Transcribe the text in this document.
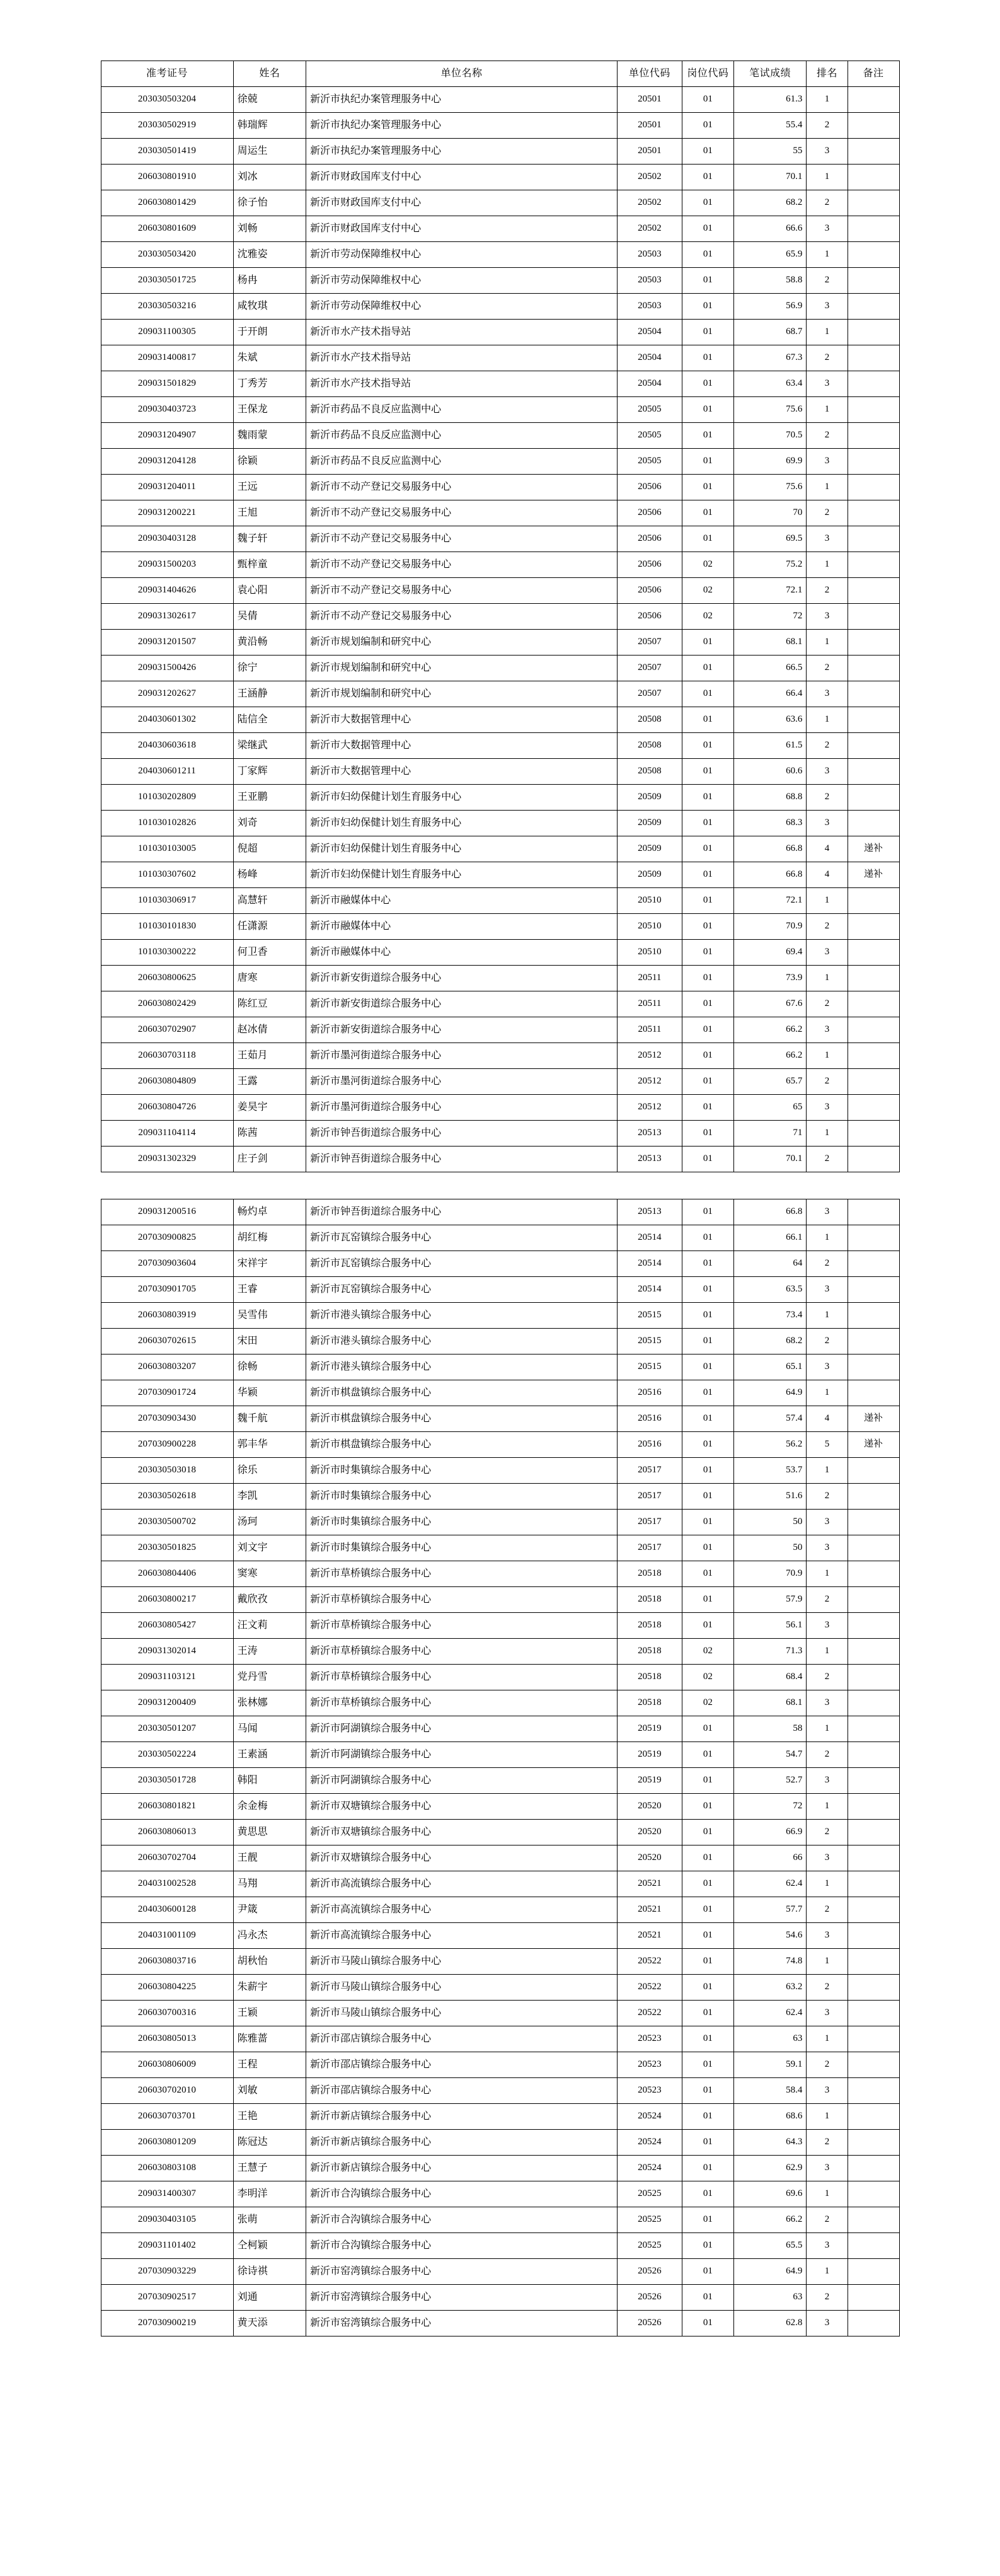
准考证号	姓名	单位名称	单位代码	岗位代码	笔试成绩	排名	备注
203030503204	徐兢	新沂市执纪办案管理服务中心	20501	01	61.3	1	
203030502919	韩瑞辉	新沂市执纪办案管理服务中心	20501	01	55.4	2	
203030501419	周运生	新沂市执纪办案管理服务中心	20501	01	55	3	
206030801910	刘冰	新沂市财政国库支付中心	20502	01	70.1	1	
206030801429	徐子怡	新沂市财政国库支付中心	20502	01	68.2	2	
206030801609	刘畅	新沂市财政国库支付中心	20502	01	66.6	3	
203030503420	沈雅姿	新沂市劳动保障维权中心	20503	01	65.9	1	
203030501725	杨冉	新沂市劳动保障维权中心	20503	01	58.8	2	
203030503216	咸牧琪	新沂市劳动保障维权中心	20503	01	56.9	3	
209031100305	于开朗	新沂市水产技术指导站	20504	01	68.7	1	
209031400817	朱斌	新沂市水产技术指导站	20504	01	67.3	2	
209031501829	丁秀芳	新沂市水产技术指导站	20504	01	63.4	3	
209030403723	王保龙	新沂市药品不良反应监测中心	20505	01	75.6	1	
209031204907	魏雨蒙	新沂市药品不良反应监测中心	20505	01	70.5	2	
209031204128	徐颖	新沂市药品不良反应监测中心	20505	01	69.9	3	
209031204011	王远	新沂市不动产登记交易服务中心	20506	01	75.6	1	
209031200221	王旭	新沂市不动产登记交易服务中心	20506	01	70	2	
209030403128	魏子轩	新沂市不动产登记交易服务中心	20506	01	69.5	3	
209031500203	甄梓童	新沂市不动产登记交易服务中心	20506	02	75.2	1	
209031404626	袁心阳	新沂市不动产登记交易服务中心	20506	02	72.1	2	
209031302617	吴倩	新沂市不动产登记交易服务中心	20506	02	72	3	
209031201507	黄沿畅	新沂市规划编制和研究中心	20507	01	68.1	1	
209031500426	徐宁	新沂市规划编制和研究中心	20507	01	66.5	2	
209031202627	王涵静	新沂市规划编制和研究中心	20507	01	66.4	3	
204030601302	陆信全	新沂市大数据管理中心	20508	01	63.6	1	
204030603618	梁继武	新沂市大数据管理中心	20508	01	61.5	2	
204030601211	丁家辉	新沂市大数据管理中心	20508	01	60.6	3	
101030202809	王亚鹏	新沂市妇幼保健计划生育服务中心	20509	01	68.8	2	
101030102826	刘奇	新沂市妇幼保健计划生育服务中心	20509	01	68.3	3	
101030103005	倪超	新沂市妇幼保健计划生育服务中心	20509	01	66.8	4	递补
101030307602	杨峰	新沂市妇幼保健计划生育服务中心	20509	01	66.8	4	递补
101030306917	高慧轩	新沂市融媒体中心	20510	01	72.1	1	
101030101830	任潇源	新沂市融媒体中心	20510	01	70.9	2	
101030300222	何卫香	新沂市融媒体中心	20510	01	69.4	3	
206030800625	唐寒	新沂市新安街道综合服务中心	20511	01	73.9	1	
206030802429	陈红豆	新沂市新安街道综合服务中心	20511	01	67.6	2	
206030702907	赵冰倩	新沂市新安街道综合服务中心	20511	01	66.2	3	
206030703118	王茹月	新沂市墨河街道综合服务中心	20512	01	66.2	1	
206030804809	王露	新沂市墨河街道综合服务中心	20512	01	65.7	2	
206030804726	姜昊宇	新沂市墨河街道综合服务中心	20512	01	65	3	
209031104114	陈茜	新沂市钟吾街道综合服务中心	20513	01	71	1	
209031302329	庄子剑	新沂市钟吾街道综合服务中心	20513	01	70.1	2	
209031200516	畅灼卓	新沂市钟吾街道综合服务中心	20513	01	66.8	3	
207030900825	胡红梅	新沂市瓦窑镇综合服务中心	20514	01	66.1	1	
207030903604	宋祥宇	新沂市瓦窑镇综合服务中心	20514	01	64	2	
207030901705	王睿	新沂市瓦窑镇综合服务中心	20514	01	63.5	3	
206030803919	吴雪伟	新沂市港头镇综合服务中心	20515	01	73.4	1	
206030702615	宋田	新沂市港头镇综合服务中心	20515	01	68.2	2	
206030803207	徐畅	新沂市港头镇综合服务中心	20515	01	65.1	3	
207030901724	华颖	新沂市棋盘镇综合服务中心	20516	01	64.9	1	
207030903430	魏千航	新沂市棋盘镇综合服务中心	20516	01	57.4	4	递补
207030900228	郭丰华	新沂市棋盘镇综合服务中心	20516	01	56.2	5	递补
203030503018	徐乐	新沂市时集镇综合服务中心	20517	01	53.7	1	
203030502618	李凯	新沂市时集镇综合服务中心	20517	01	51.6	2	
203030500702	汤珂	新沂市时集镇综合服务中心	20517	01	50	3	
203030501825	刘文宇	新沂市时集镇综合服务中心	20517	01	50	3	
206030804406	窦寒	新沂市草桥镇综合服务中心	20518	01	70.9	1	
206030800217	戴欣孜	新沂市草桥镇综合服务中心	20518	01	57.9	2	
206030805427	汪文莉	新沂市草桥镇综合服务中心	20518	01	56.1	3	
209031302014	王涛	新沂市草桥镇综合服务中心	20518	02	71.3	1	
209031103121	党丹雪	新沂市草桥镇综合服务中心	20518	02	68.4	2	
209031200409	张林娜	新沂市草桥镇综合服务中心	20518	02	68.1	3	
203030501207	马闻	新沂市阿湖镇综合服务中心	20519	01	58	1	
203030502224	王素涵	新沂市阿湖镇综合服务中心	20519	01	54.7	2	
203030501728	韩阳	新沂市阿湖镇综合服务中心	20519	01	52.7	3	
206030801821	余金梅	新沂市双塘镇综合服务中心	20520	01	72	1	
206030806013	黄思思	新沂市双塘镇综合服务中心	20520	01	66.9	2	
206030702704	王靓	新沂市双塘镇综合服务中心	20520	01	66	3	
204031002528	马翔	新沂市高流镇综合服务中心	20521	01	62.4	1	
204030600128	尹箴	新沂市高流镇综合服务中心	20521	01	57.7	2	
204031001109	冯永杰	新沂市高流镇综合服务中心	20521	01	54.6	3	
206030803716	胡秋怡	新沂市马陵山镇综合服务中心	20522	01	74.8	1	
206030804225	朱薪宇	新沂市马陵山镇综合服务中心	20522	01	63.2	2	
206030700316	王颖	新沂市马陵山镇综合服务中心	20522	01	62.4	3	
206030805013	陈雅蔷	新沂市邵店镇综合服务中心	20523	01	63	1	
206030806009	王程	新沂市邵店镇综合服务中心	20523	01	59.1	2	
206030702010	刘敏	新沂市邵店镇综合服务中心	20523	01	58.4	3	
206030703701	王艳	新沂市新店镇综合服务中心	20524	01	68.6	1	
206030801209	陈冠达	新沂市新店镇综合服务中心	20524	01	64.3	2	
206030803108	王慧子	新沂市新店镇综合服务中心	20524	01	62.9	3	
209031400307	李明洋	新沂市合沟镇综合服务中心	20525	01	69.6	1	
209030403105	张萌	新沂市合沟镇综合服务中心	20525	01	66.2	2	
209031101402	仝柯颖	新沂市合沟镇综合服务中心	20525	01	65.5	3	
207030903229	徐诗祺	新沂市窑湾镇综合服务中心	20526	01	64.9	1	
207030902517	刘通	新沂市窑湾镇综合服务中心	20526	01	63	2	
207030900219	黄天添	新沂市窑湾镇综合服务中心	20526	01	62.8	3	
